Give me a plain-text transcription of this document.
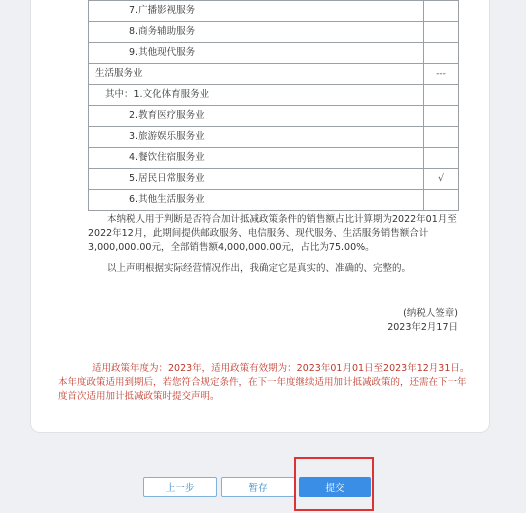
7.广播影视服务	
8.商务辅助服务	
9.其他现代服务	
生活服务业	---
其中：1.文化体育服务业	
2.教育医疗服务业	
3.旅游娱乐服务业	
4.餐饮住宿服务业	
5.居民日常服务业	√
6.其他生活服务业	
本纳税人用于判断是否符合加计抵减政策条件的销售额占比计算期为2022年01月至2022年12月，此期间提供邮政服务、电信服务、现代服务、生活服务销售额合计3,000,000.00元，全部销售额4,000,000.00元，占比为75.00%。
以上声明根据实际经营情况作出，我确定它是真实的、准确的、完整的。
(纳税人签章)
2023年2月17日
适用政策年度为：2023年，适用政策有效期为：2023年01月01日至2023年12月31日。
本年度政策适用到期后，若您符合规定条件，在下一年度继续适用加计抵减政策的，还需在下一年度首次适用加计抵减政策时提交声明。
上一步	暂存	提交
